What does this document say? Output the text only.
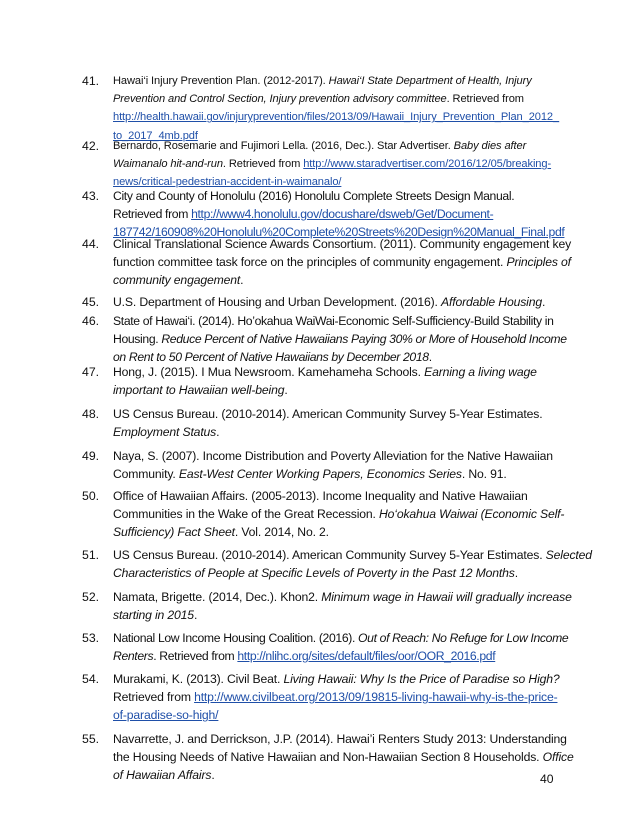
41.	Hawai‘i Injury Prevention Plan. (2012-2017). Hawai‘I State Department of Health, Injury
Prevention and Control Section, Injury prevention advisory committee. Retrieved from
http://health.hawaii.gov/injuryprevention/files/2013/09/Hawaii_Injury_Prevention_Plan_2012_
to_2017_4mb.pdf
42.	Bernardo, Rosemarie and Fujimori Lella. (2016, Dec.). Star Advertiser. Baby dies after
Waimanalo hit-and-run. Retrieved from http://www.staradvertiser.com/2016/12/05/breaking-
news/critical-pedestrian-accident-in-waimanalo/
43.	City and County of Honolulu (2016) Honolulu Complete Streets Design Manual.
Retrieved from http://www4.honolulu.gov/docushare/dsweb/Get/Document-
187742/160908%20Honolulu%20Complete%20Streets%20Design%20Manual_Final.pdf
44.	Clinical Translational Science Awards Consortium. (2011). Community engagement key
function committee task force on the principles of community engagement. Principles of
community engagement.
45.	U.S. Department of Housing and Urban Development. (2016). Affordable Housing.
46.	State of Hawai‘i. (2014). Ho’okahua WaiWai-Economic Self-Sufficiency-Build Stability in
Housing. Reduce Percent of Native Hawaiians Paying 30% or More of Household Income
on Rent to 50 Percent of Native Hawaiians by December 2018.
47.	Hong, J. (2015). I Mua Newsroom. Kamehameha Schools. Earning a living wage
important to Hawaiian well-being.
48.	US Census Bureau. (2010-2014). American Community Survey 5-Year Estimates.
Employment Status.
49.	Naya, S. (2007). Income Distribution and Poverty Alleviation for the Native Hawaiian
Community. East-West Center Working Papers, Economics Series. No. 91.
50.	Office of Hawaiian Affairs. (2005-2013). Income Inequality and Native Hawaiian
Communities in the Wake of the Great Recession. Ho‘okahua Waiwai (Economic Self-
Sufficiency) Fact Sheet. Vol. 2014, No. 2.
51.	US Census Bureau. (2010-2014). American Community Survey 5-Year Estimates. Selected
Characteristics of People at Specific Levels of Poverty in the Past 12 Months.
52.	Namata, Brigette. (2014, Dec.). Khon2. Minimum wage in Hawaii will gradually increase
starting in 2015.
53.	National Low Income Housing Coalition. (2016). Out of Reach: No Refuge for Low Income
Renters. Retrieved from http://nlihc.org/sites/default/files/oor/OOR_2016.pdf
54.	Murakami, K. (2013). Civil Beat. Living Hawaii: Why Is the Price of Paradise so High?
Retrieved from http://www.civilbeat.org/2013/09/19815-living-hawaii-why-is-the-price-
of-paradise-so-high/
55.	Navarrette, J. and Derrickson, J.P. (2014). Hawai’i Renters Study 2013: Understanding
the Housing Needs of Native Hawaiian and Non-Hawaiian Section 8 Households. Office
of Hawaiian Affairs.	40
